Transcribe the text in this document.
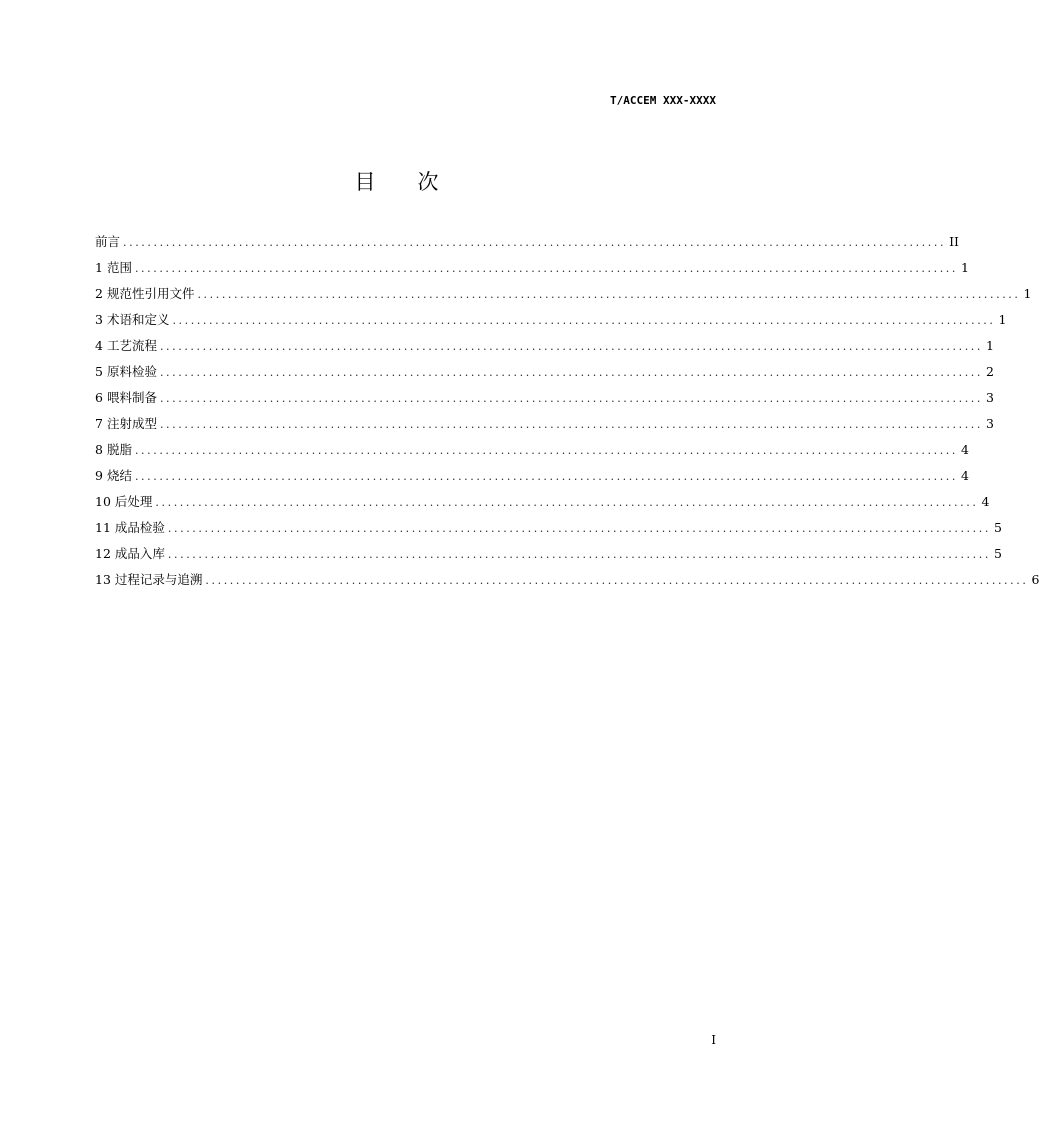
T/ACCEM XXX-XXXX
目 次
前言 ....................................................................................................................................... II
1
范围 ....................................................................................................................................... 1
2
规范性引用文件 ....................................................................................................................................... 1
3
术语和定义 ....................................................................................................................................... 1
4
工艺流程 ....................................................................................................................................... 1
5
原料检验 ....................................................................................................................................... 2
6
喂料制备 ....................................................................................................................................... 3
7
注射成型 ....................................................................................................................................... 3
8
脱脂 ....................................................................................................................................... 4
9
烧结 ....................................................................................................................................... 4
10
后处理 ....................................................................................................................................... 4
11
成品检验 ....................................................................................................................................... 5
12
成品入库 ....................................................................................................................................... 5
13
过程记录与追溯 ....................................................................................................................................... 6
I
